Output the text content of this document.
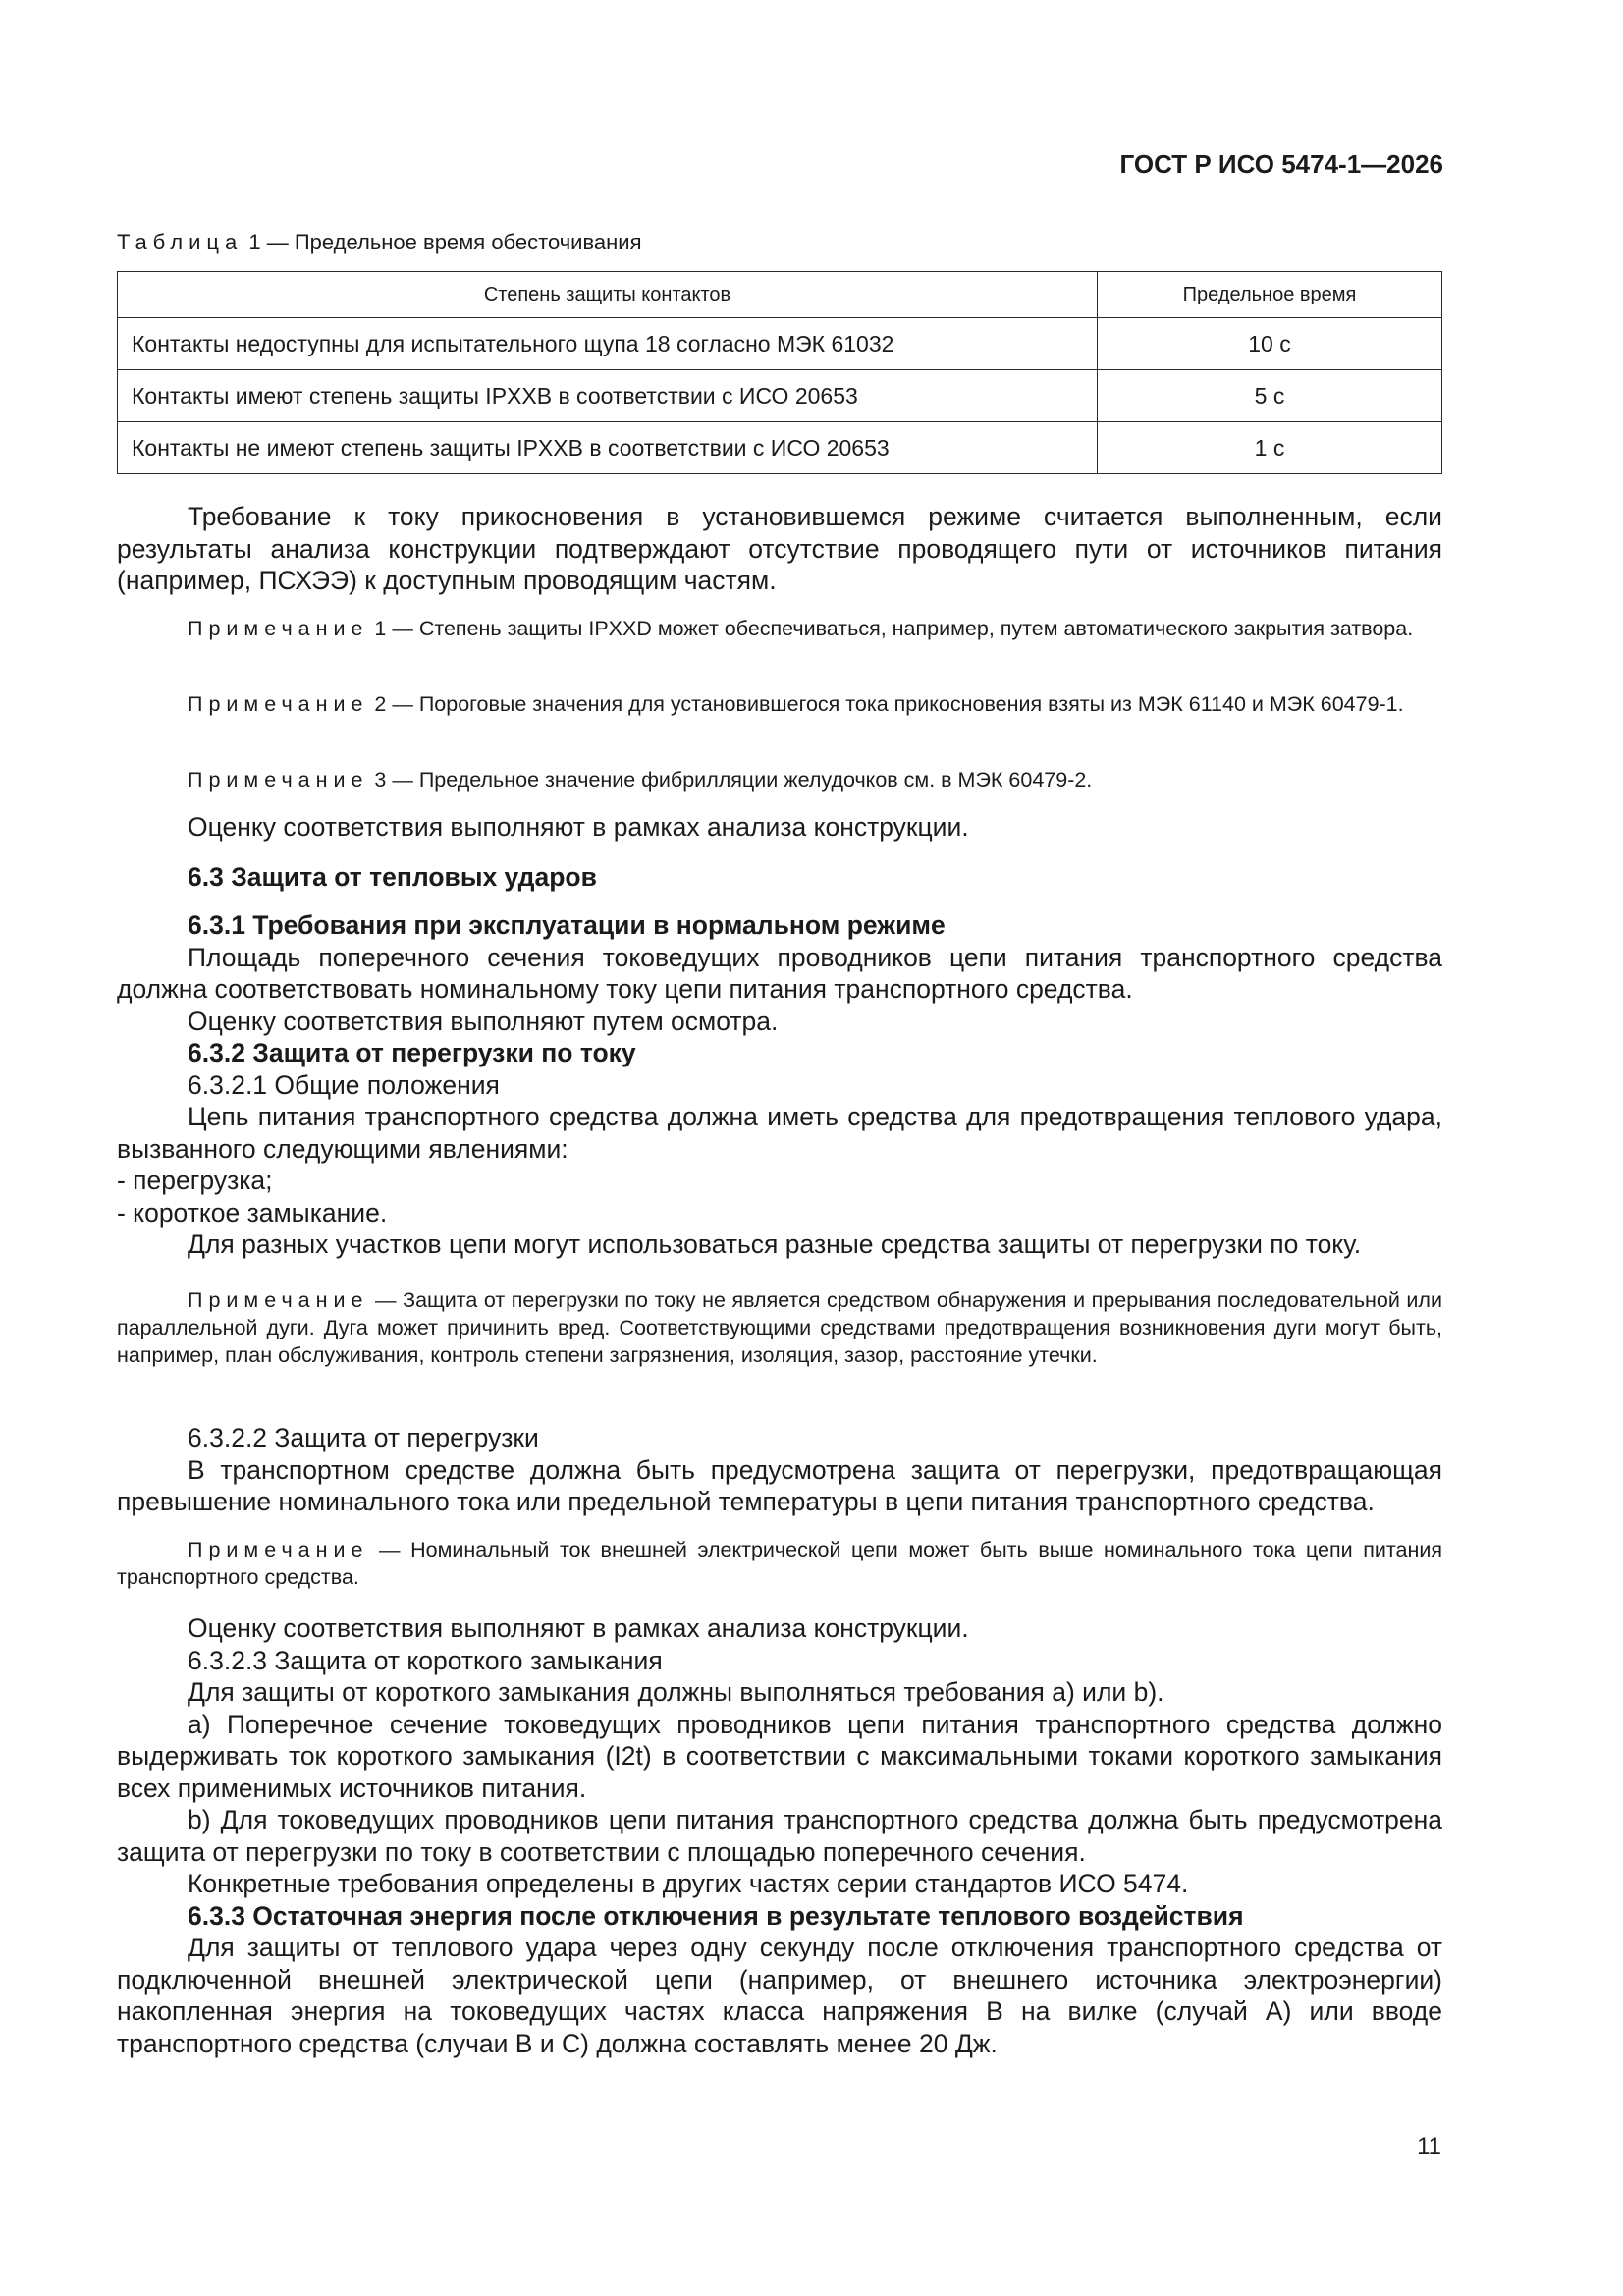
ГОСТ Р ИСО 5474-1—2026
Таблица 1 — Предельное время обесточивания
Степень защиты контактов	Предельное время
Контакты недоступны для испытательного щупа 18 согласно МЭК 61032	10 с
Контакты имеют степень защиты IPXXB в соответствии с ИСО 20653	5 с
Контакты не имеют степень защиты IPXXB в соответствии с ИСО 20653	1 с

Требование к току прикосновения в установившемся режиме считается выполненным, если результаты анализа конструкции подтверждают отсутствие проводящего пути от источников питания (например, ПСХЭЭ) к доступным проводящим частям.

Примечание 1 — Степень защиты IPXXD может обеспечиваться, например, путем автоматического закрытия затвора.

Примечание 2 — Пороговые значения для установившегося тока прикосновения взяты из МЭК 61140 и МЭК 60479-1.

Примечание 3 — Предельное значение фибрилляции желудочков см. в МЭК 60479-2.

Оценку соответствия выполняют в рамках анализа конструкции.

6.3 Защита от тепловых ударов

6.3.1 Требования при эксплуатации в нормальном режиме

Площадь поперечного сечения токоведущих проводников цепи питания транспортного средства должна соответствовать номинальному току цепи питания транспортного средства.

Оценку соответствия выполняют путем осмотра.

6.3.2 Защита от перегрузки по току

6.3.2.1 Общие положения

Цепь питания транспортного средства должна иметь средства для предотвращения теплового удара, вызванного следующими явлениями:

- перегрузка;

- короткое замыкание.

Для разных участков цепи могут использоваться разные средства защиты от перегрузки по току.

Примечание — Защита от перегрузки по току не является средством обнаружения и прерывания последовательной или параллельной дуги. Дуга может причинить вред. Соответствующими средствами предотвращения возникновения дуги могут быть, например, план обслуживания, контроль степени загрязнения, изоляция, зазор, расстояние утечки.

6.3.2.2 Защита от перегрузки

В транспортном средстве должна быть предусмотрена защита от перегрузки, предотвращающая превышение номинального тока или предельной температуры в цепи питания транспортного средства.

Примечание — Номинальный ток внешней электрической цепи может быть выше номинального тока цепи питания транспортного средства.

Оценку соответствия выполняют в рамках анализа конструкции.

6.3.2.3 Защита от короткого замыкания

Для защиты от короткого замыкания должны выполняться требования a) или b).

a) Поперечное сечение токоведущих проводников цепи питания транспортного средства должно выдерживать ток короткого замыкания (I2t) в соответствии с максимальными токами короткого замыкания всех применимых источников питания.

b) Для токоведущих проводников цепи питания транспортного средства должна быть предусмотрена защита от перегрузки по току в соответствии с площадью поперечного сечения.

Конкретные требования определены в других частях серии стандартов ИСО 5474.

6.3.3 Остаточная энергия после отключения в результате теплового воздействия

Для защиты от теплового удара через одну секунду после отключения транспортного средства от подключенной внешней электрической цепи (например, от внешнего источника электроэнергии) накопленная энергия на токоведущих частях класса напряжения В на вилке (случай А) или вводе транспортного средства (случаи В и С) должна составлять менее 20 Дж.

11
